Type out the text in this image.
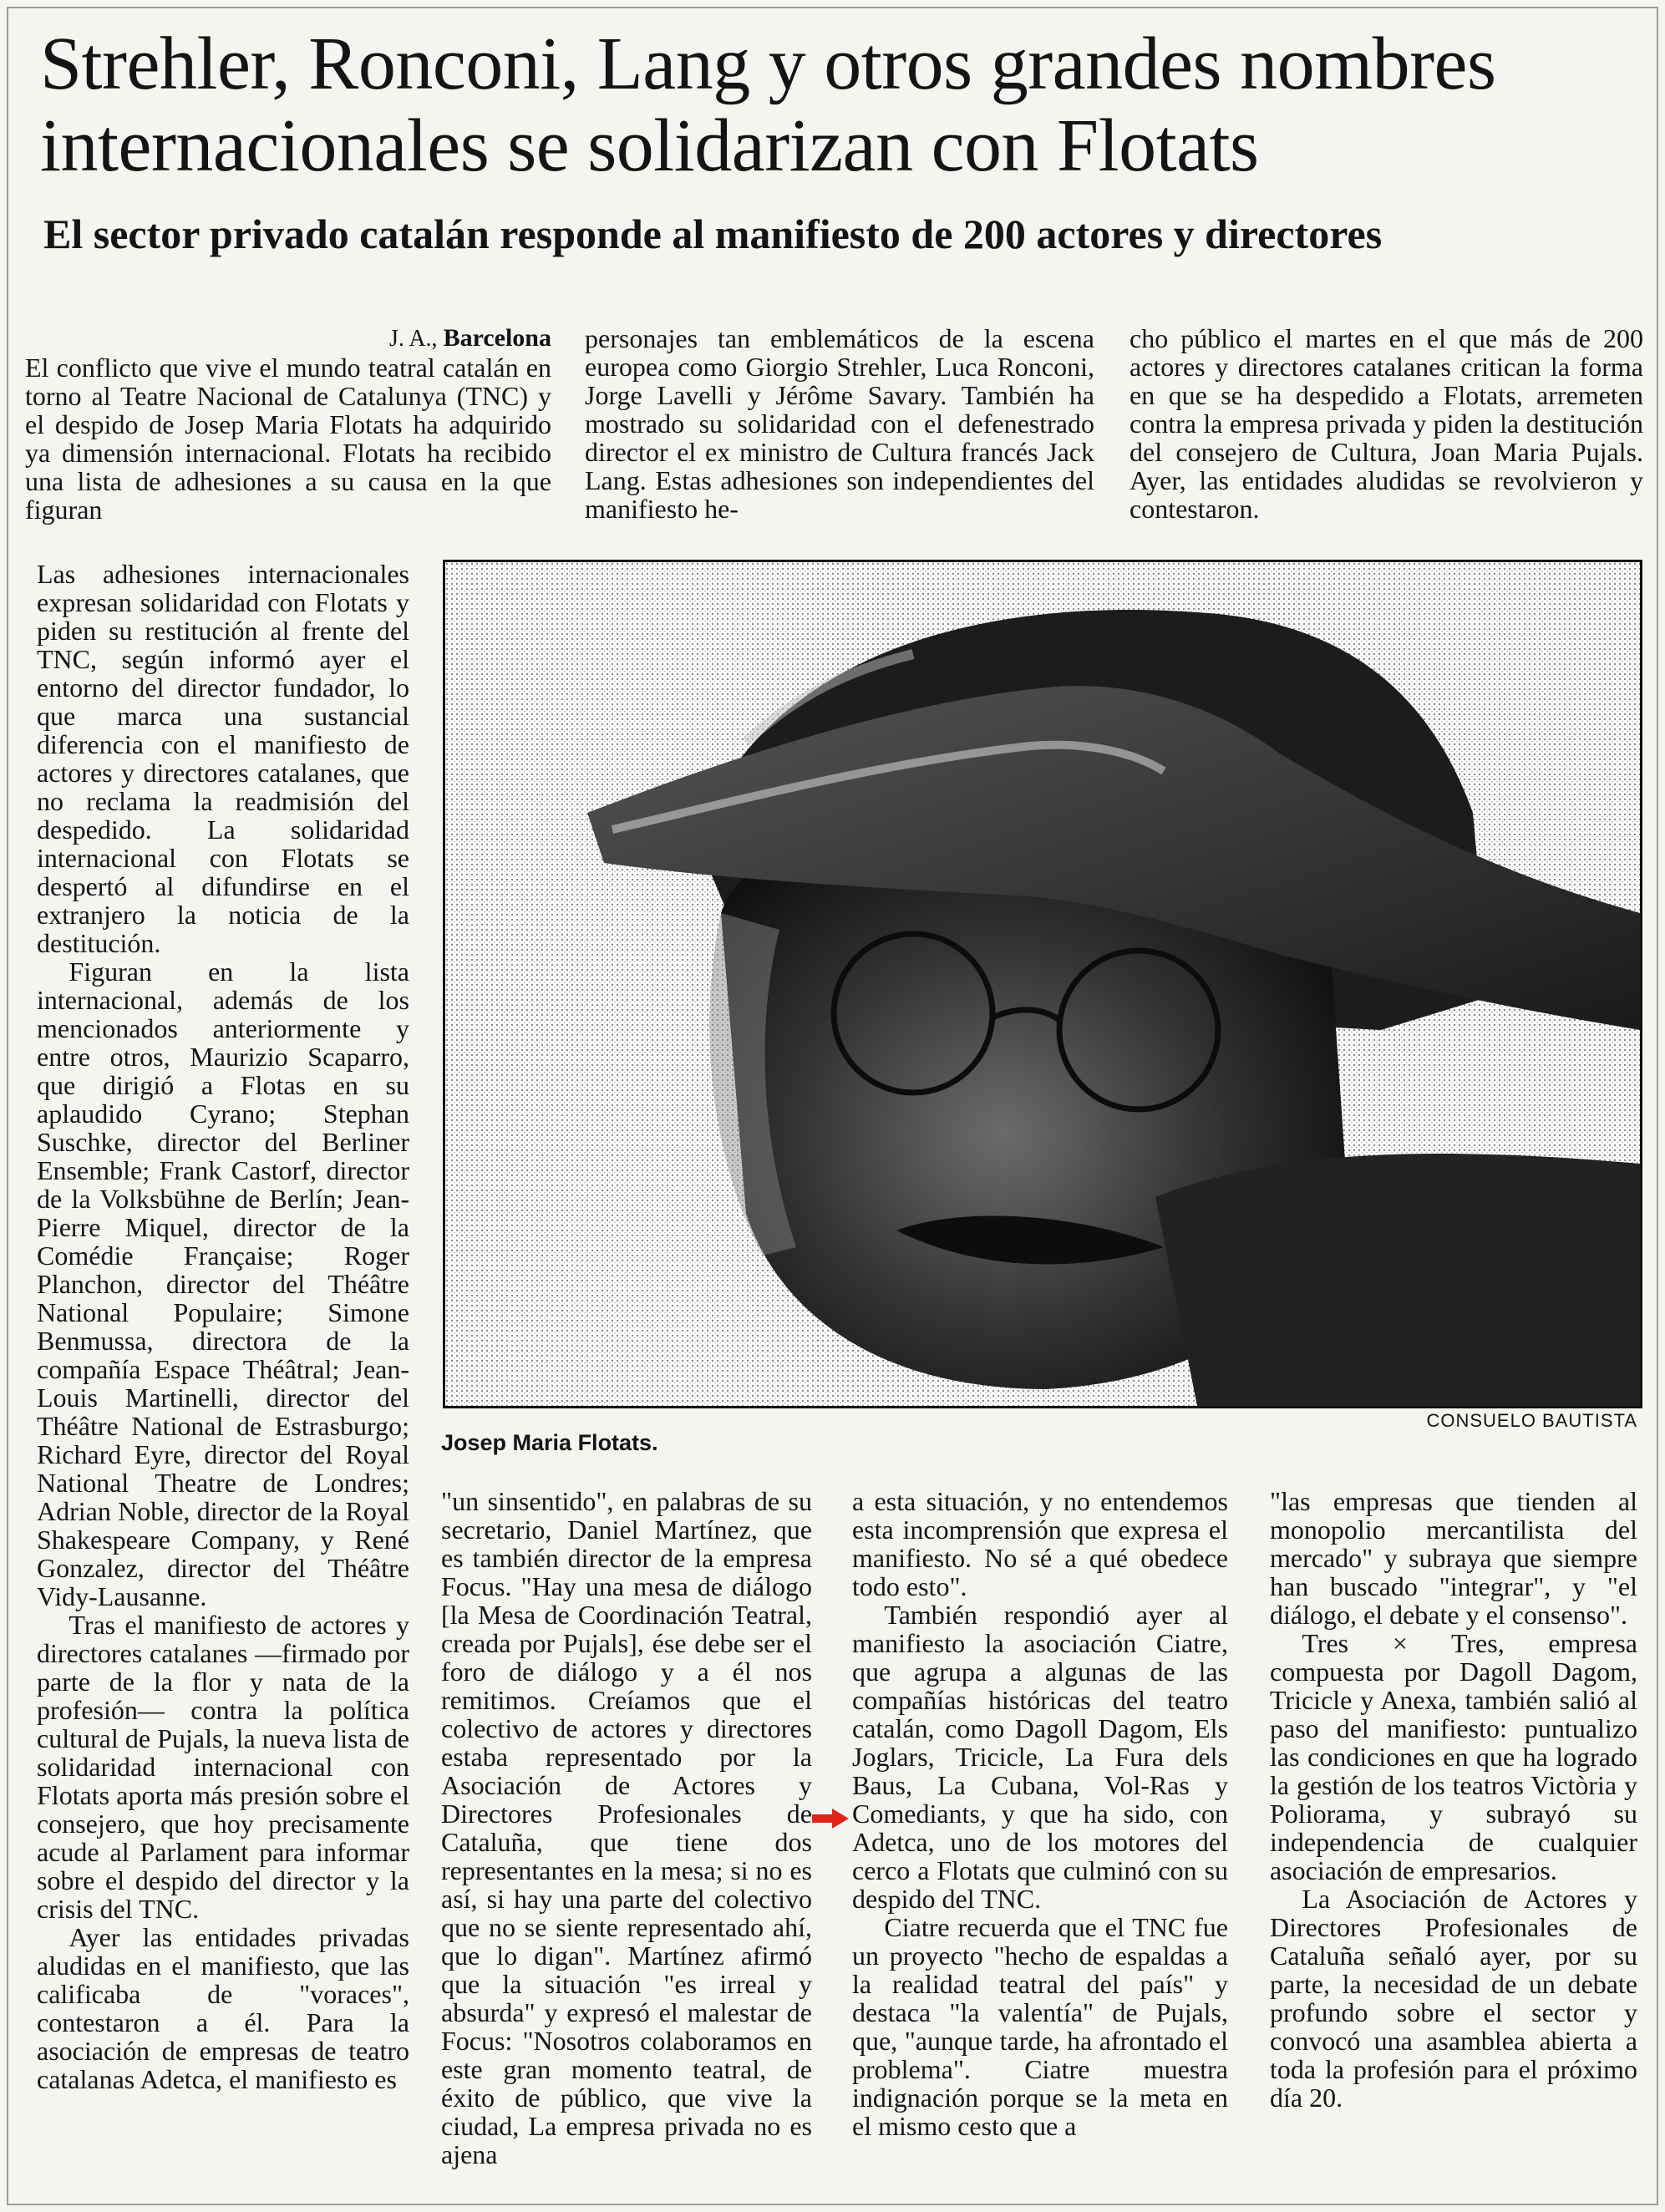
Strehler, Ronconi, Lang y otros grandes nombres
internacionales se solidarizan con Flotats
El sector privado catalán responde al manifiesto de 200 actores y directores
J. A., Barcelona

El conflicto que vive el mundo teatral catalán en torno al Teatre Nacional de Catalunya (TNC) y el despido de Josep Maria Flotats ha adquirido ya dimensión internacional. Flotats ha recibido una lista de adhesiones a su causa en la que figuran

personajes tan emblemáticos de la escena europea como Giorgio Strehler, Luca Ronconi, Jorge Lavelli y Jérôme Savary. También ha mostrado su solidaridad con el defenestrado director el ex ministro de Cultura francés Jack Lang. Estas adhesiones son independientes del manifiesto he-

cho público el martes en el que más de 200 actores y directores catalanes critican la forma en que se ha despedido a Flotats, arremeten contra la empresa privada y piden la destitución del consejero de Cultura, Joan Maria Pujals. Ayer, las entidades aludidas se revolvieron y contestaron.

CONSUELO BAUTISTA
Josep Maria Flotats.

Las adhesiones internacionales expresan solidaridad con Flotats y piden su restitución al frente del TNC, según informó ayer el entorno del director fundador, lo que marca una sustancial diferencia con el manifiesto de actores y directores catalanes, que no reclama la readmisión del despedido. La solidaridad internacional con Flotats se despertó al difundirse en el extranjero la noticia de la destitución.

Figuran en la lista internacional, además de los mencionados anteriormente y entre otros, Maurizio Scaparro, que dirigió a Flotas en su aplaudido Cyrano; Stephan Suschke, director del Berliner Ensemble; Frank Castorf, director de la Volksbühne de Berlín; Jean-Pierre Miquel, director de la Comédie Française; Roger Planchon, director del Théâtre National Populaire; Simone Benmussa, directora de la compañía Espace Théâtral; Jean-Louis Martinelli, director del Théâtre National de Estrasburgo; Richard Eyre, director del Royal National Theatre de Londres; Adrian Noble, director de la Royal Shakespeare Company, y René Gonzalez, director del Théâtre Vidy-Lausanne.

Tras el manifiesto de actores y directores catalanes —firmado por parte de la flor y nata de la profesión— contra la política cultural de Pujals, la nueva lista de solidaridad internacional con Flotats aporta más presión sobre el consejero, que hoy precisamente acude al Parlament para informar sobre el despido del director y la crisis del TNC.

Ayer las entidades privadas aludidas en el manifiesto, que las calificaba de "voraces", contestaron a él. Para la asociación de empresas de teatro catalanas Adetca, el manifiesto es

"un sinsentido", en palabras de su secretario, Daniel Martínez, que es también director de la empresa Focus. "Hay una mesa de diálogo [la Mesa de Coordinación Teatral, creada por Pujals], ése debe ser el foro de diálogo y a él nos remitimos. Creíamos que el colectivo de actores y directores estaba representado por la Asociación de Actores y Directores Profesionales de Cataluña, que tiene dos representantes en la mesa; si no es así, si hay una parte del colectivo que no se siente representado ahí, que lo digan". Martínez afirmó que la situación "es irreal y absurda" y expresó el malestar de Focus: "Nosotros colaboramos en este gran momento teatral, de éxito de público, que vive la ciudad, La empresa privada no es ajena

a esta situación, y no entendemos esta incomprensión que expresa el manifiesto. No sé a qué obedece todo esto".

También respondió ayer al manifiesto la asociación Ciatre, que agrupa a algunas de las compañías históricas del teatro catalán, como Dagoll Dagom, Els Joglars, Tricicle, La Fura dels Baus, La Cubana, Vol-Ras y Comediants, y que ha sido, con Adetca, uno de los motores del cerco a Flotats que culminó con su despido del TNC.

Ciatre recuerda que el TNC fue un proyecto "hecho de espaldas a la realidad teatral del país" y destaca "la valentía" de Pujals, que, "aunque tarde, ha afrontado el problema". Ciatre muestra indignación porque se la meta en el mismo cesto que a

"las empresas que tienden al monopolio mercantilista del mercado" y subraya que siempre han buscado "integrar", y "el diálogo, el debate y el consenso".

Tres × Tres, empresa compuesta por Dagoll Dagom, Tricicle y Anexa, también salió al paso del manifiesto: puntualizo las condiciones en que ha logrado la gestión de los teatros Victòria y Poliorama, y subrayó su independencia de cualquier asociación de empresarios.

La Asociación de Actores y Directores Profesionales de Cataluña señaló ayer, por su parte, la necesidad de un debate profundo sobre el sector y convocó una asamblea abierta a toda la profesión para el próximo día 20.
